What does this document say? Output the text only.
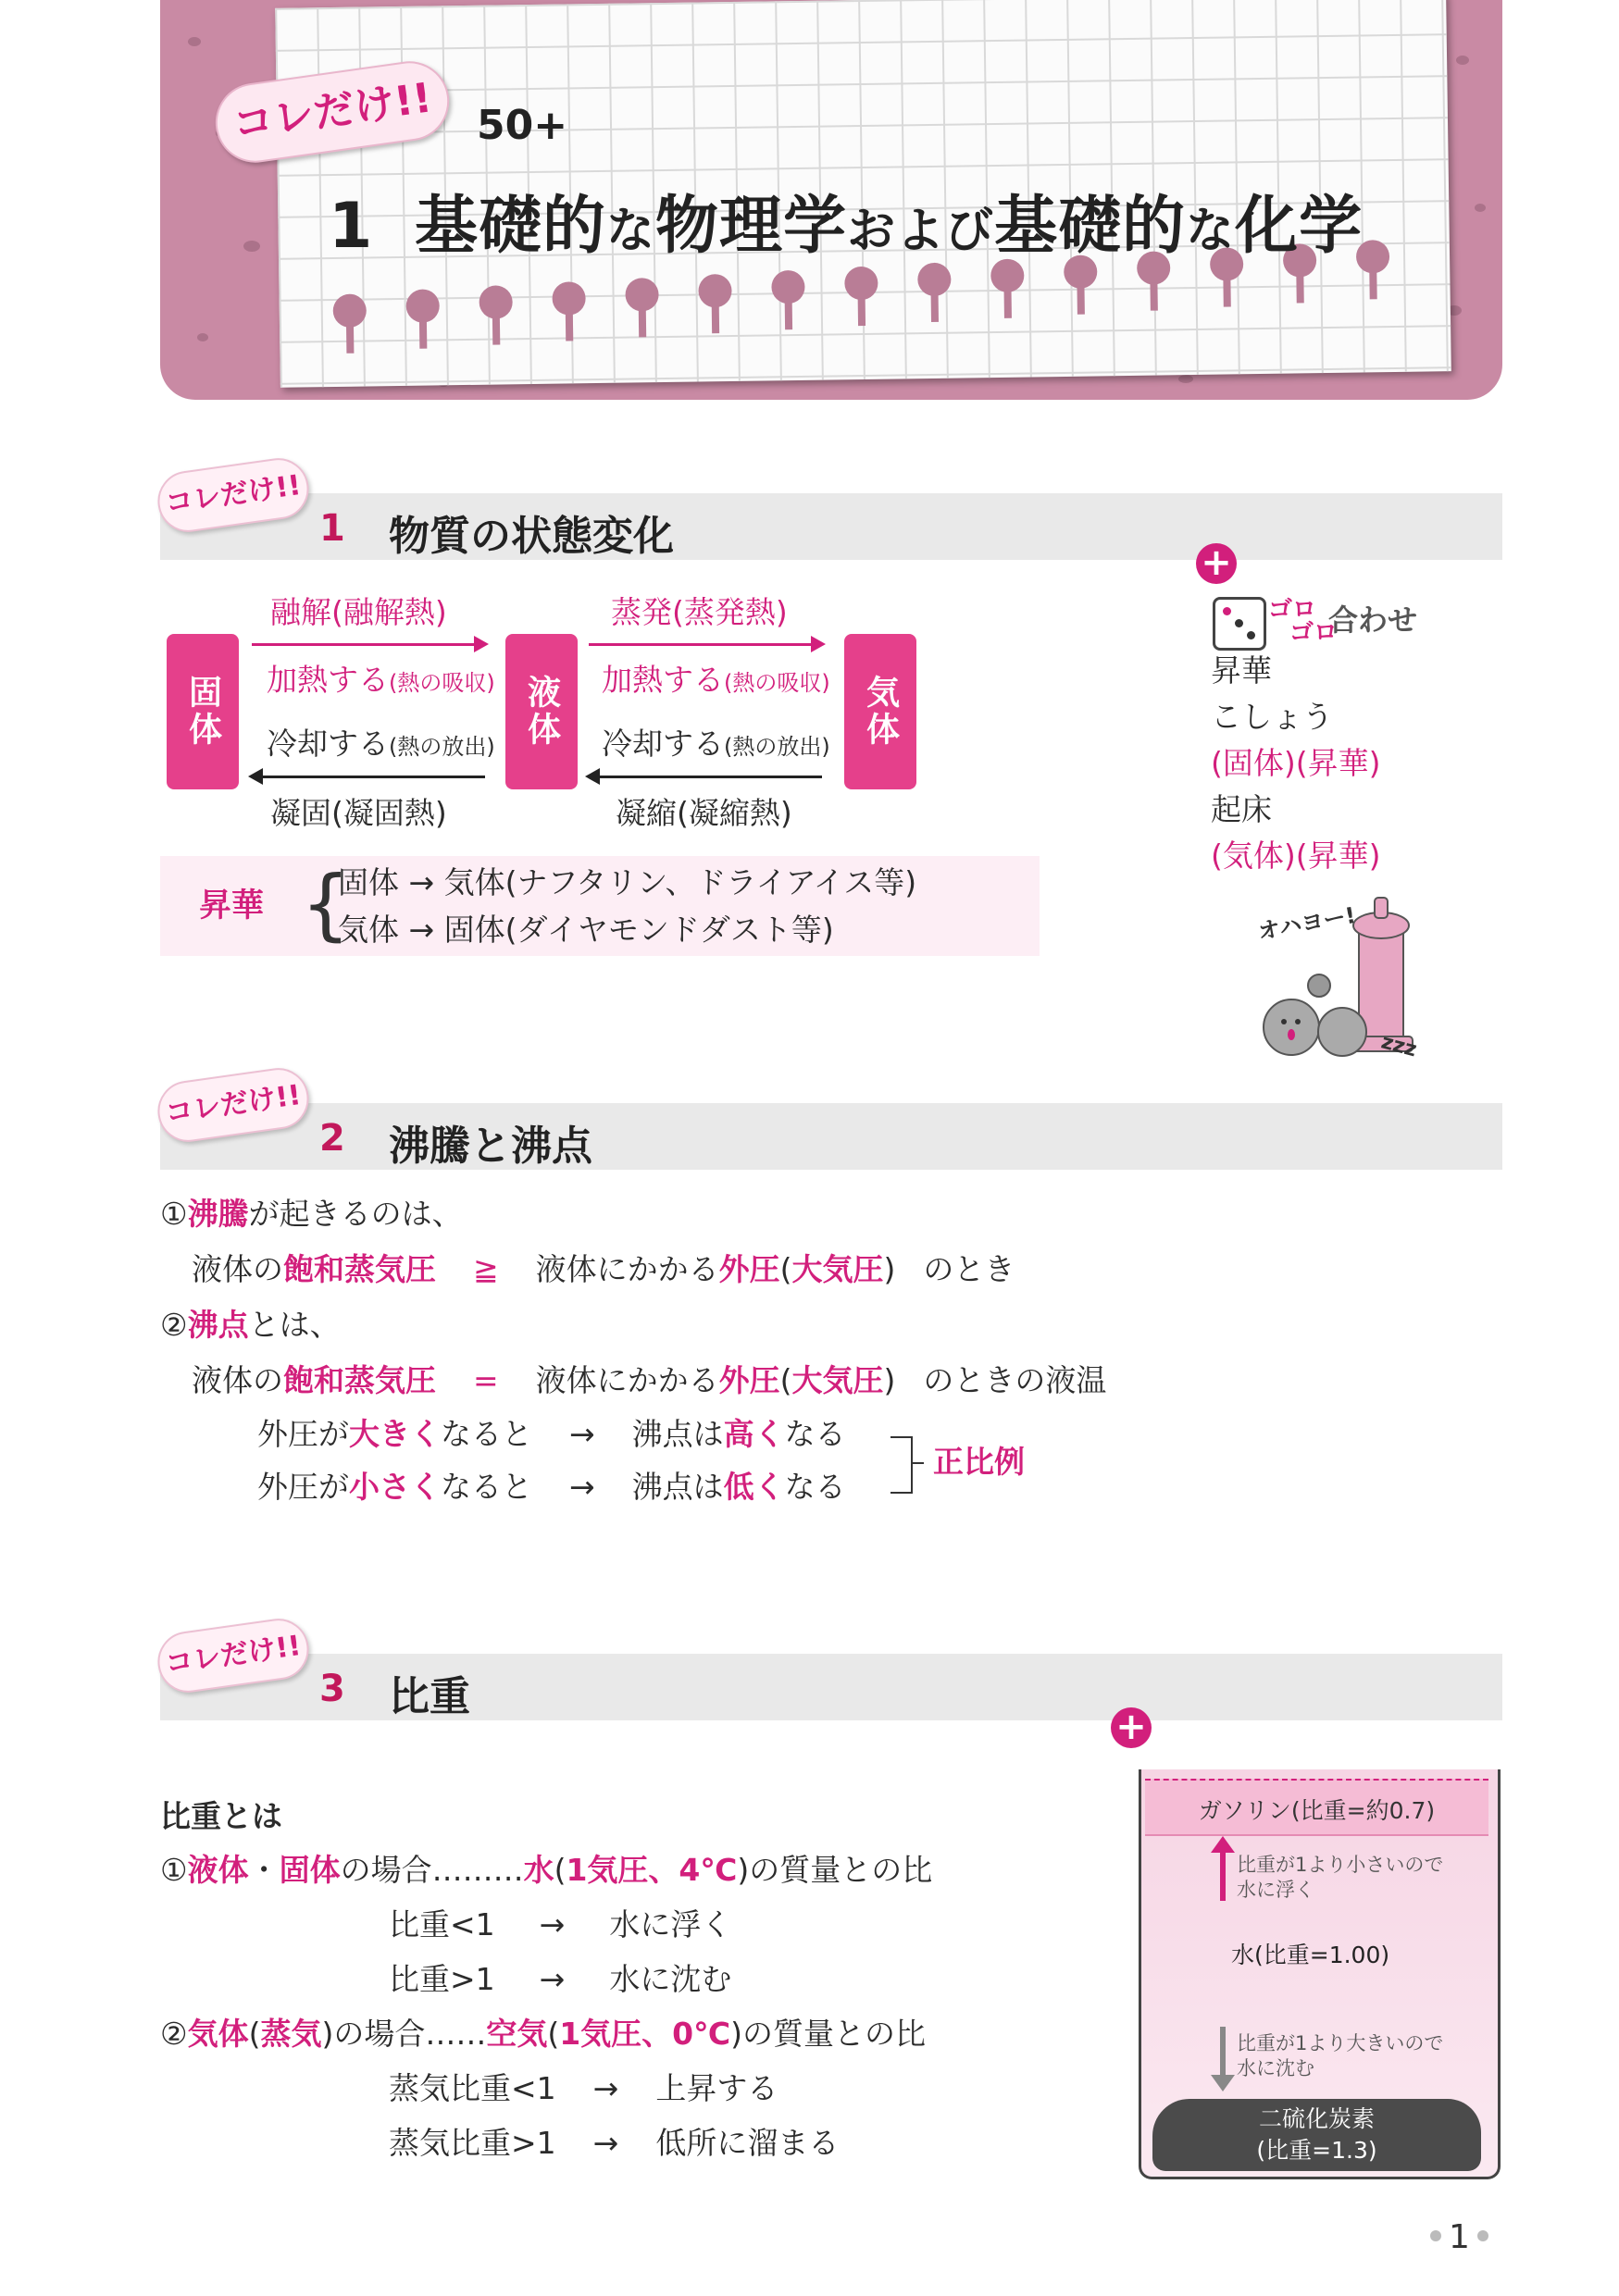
コレだけ!!	50+
1 基礎的な物理学および基礎的な化学
コレだけ!!
1 物質の状態変化
固体	液体	気体
融解(融解熱)
加熱する(熱の吸収)
冷却する(熱の放出)
凝固(凝固熱)
蒸発(蒸発熱)
加熱する(熱の吸収)
冷却する(熱の放出)
凝縮(凝縮熱)
昇華 {
固体 → 気体(ナフタリン、ドライアイス等)
気体 → 固体(ダイヤモンドダスト等)
+
ゴロ
ゴロ
合わせ
昇華
こしょう
(固体)(昇華)
起床
(気体)(昇華)
オハヨー!
zzz
コレだけ!!
2 沸騰と沸点
①沸騰が起きるのは、
液体の飽和蒸気圧 ≧ 液体にかかる外圧(大気圧) のとき
②沸点とは、
液体の飽和蒸気圧 = 液体にかかる外圧(大気圧) のときの液温
外圧が大きくなると → 沸点は高くなる
外圧が小さくなると → 沸点は低くなる
正比例
コレだけ!!
3 比重
比重とは
①液体・固体の場合………水(1気圧、4℃)の質量との比
比重<1 → 水に浮く
比重>1 → 水に沈む
②気体(蒸気)の場合……空気(1気圧、0℃)の質量との比
蒸気比重<1 → 上昇する
蒸気比重>1 → 低所に溜まる
+
ガソリン(比重=約0.7)
比重が1より小さいので
水に浮く
水(比重=1.00)
比重が1より大きいので
水に沈む
二硫化炭素
(比重=1.3)
1
